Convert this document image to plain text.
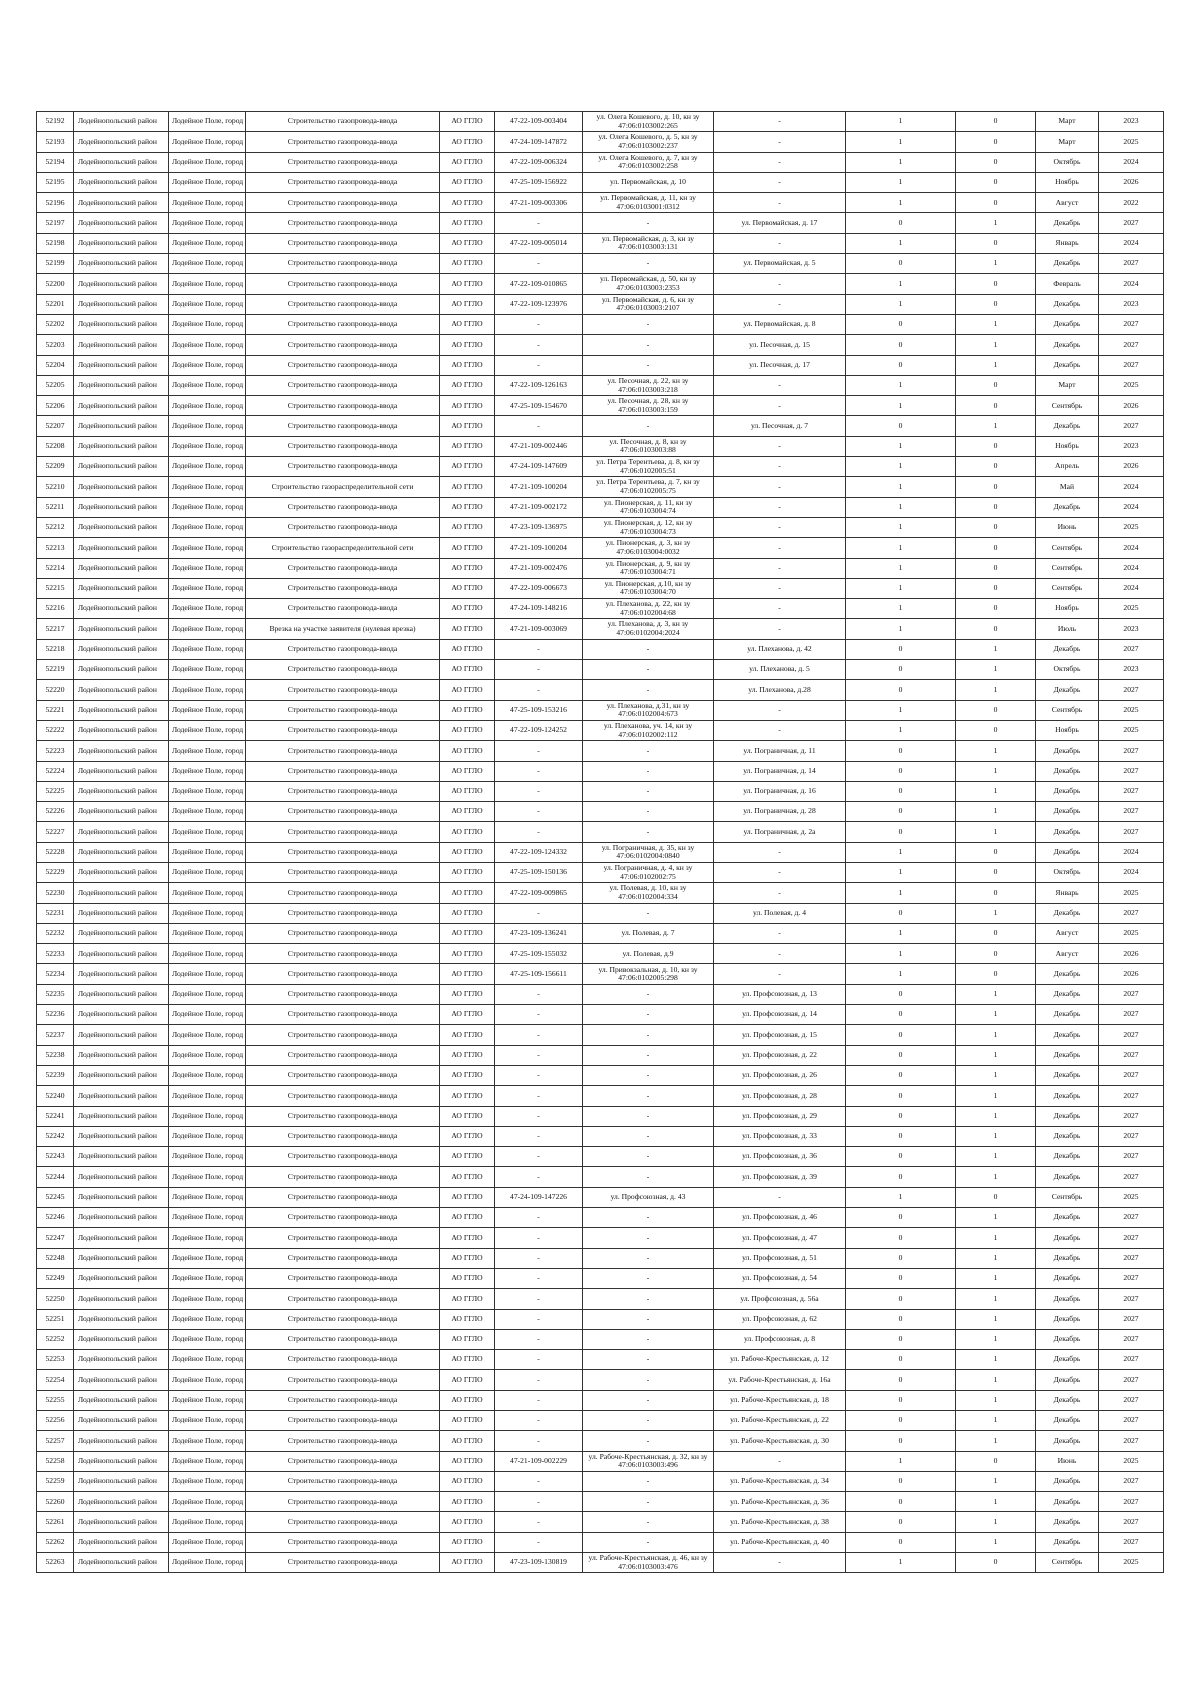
52192	Лодейнопольский район	Лодейное Поле, город	Строительство газопровода-ввода	АО ГГЛО	47-22-109-003404	ул. Олега Кошевого, д. 10, кн зу 47:06:0103002:265	-	1	0	Март	2023
52193	Лодейнопольский район	Лодейное Поле, город	Строительство газопровода-ввода	АО ГГЛО	47-24-109-147872	ул. Олега Кошевого, д. 5, кн зу 47:06:0103002:237	-	1	0	Март	2025
52194	Лодейнопольский район	Лодейное Поле, город	Строительство газопровода-ввода	АО ГГЛО	47-22-109-006324	ул. Олега Кошевого, д. 7, кн зу 47:06:0103002:258	-	1	0	Октябрь	2024
52195	Лодейнопольский район	Лодейное Поле, город	Строительство газопровода-ввода	АО ГГЛО	47-25-109-156922	ул. Первомайская, д. 10	-	1	0	Ноябрь	2026
52196	Лодейнопольский район	Лодейное Поле, город	Строительство газопровода-ввода	АО ГГЛО	47-21-109-003306	ул. Первомайская, д. 11, кн зу 47:06:0103001:0312	-	1	0	Август	2022
52197	Лодейнопольский район	Лодейное Поле, город	Строительство газопровода-ввода	АО ГГЛО	-	-	ул. Первомайская, д. 17	0	1	Декабрь	2027
52198	Лодейнопольский район	Лодейное Поле, город	Строительство газопровода-ввода	АО ГГЛО	47-22-109-005014	ул. Первомайская, д. 3, кн зу 47:06:0103003:131	-	1	0	Январь	2024
52199	Лодейнопольский район	Лодейное Поле, город	Строительство газопровода-ввода	АО ГГЛО	-	-	ул. Первомайская, д. 5	0	1	Декабрь	2027
52200	Лодейнопольский район	Лодейное Поле, город	Строительство газопровода-ввода	АО ГГЛО	47-22-109-010865	ул. Первомайская, д. 50, кн зу 47:06:0103003:2353	-	1	0	Февраль	2024
52201	Лодейнопольский район	Лодейное Поле, город	Строительство газопровода-ввода	АО ГГЛО	47-22-109-123976	ул. Первомайская, д. 6, кн зу 47:06:0103003:2107	-	1	0	Декабрь	2023
52202	Лодейнопольский район	Лодейное Поле, город	Строительство газопровода-ввода	АО ГГЛО	-	-	ул. Первомайская, д. 8	0	1	Декабрь	2027
52203	Лодейнопольский район	Лодейное Поле, город	Строительство газопровода-ввода	АО ГГЛО	-	-	ул. Песочная, д. 15	0	1	Декабрь	2027
52204	Лодейнопольский район	Лодейное Поле, город	Строительство газопровода-ввода	АО ГГЛО	-	-	ул. Песочная, д. 17	0	1	Декабрь	2027
52205	Лодейнопольский район	Лодейное Поле, город	Строительство газопровода-ввода	АО ГГЛО	47-22-109-126163	ул. Песочная, д. 22, кн зу 47:06:0103003:218	-	1	0	Март	2025
52206	Лодейнопольский район	Лодейное Поле, город	Строительство газопровода-ввода	АО ГГЛО	47-25-109-154670	ул. Песочная, д. 28, кн зу 47:06:0103003:159	-	1	0	Сентябрь	2026
52207	Лодейнопольский район	Лодейное Поле, город	Строительство газопровода-ввода	АО ГГЛО	-	-	ул. Песочная, д. 7	0	1	Декабрь	2027
52208	Лодейнопольский район	Лодейное Поле, город	Строительство газопровода-ввода	АО ГГЛО	47-21-109-002446	ул. Песочная, д. 8, кн зу 47:06:0103003:88	-	1	0	Ноябрь	2023
52209	Лодейнопольский район	Лодейное Поле, город	Строительство газопровода-ввода	АО ГГЛО	47-24-109-147609	ул. Петра Терентьева, д. 8, кн зу 47:06:0102005:51	-	1	0	Апрель	2026
52210	Лодейнопольский район	Лодейное Поле, город	Строительство газораспределительной сети	АО ГГЛО	47-21-109-100204	ул. Петра Терентьева, д. 7, кн зу 47:06:0102005:75	-	1	0	Май	2024
52211	Лодейнопольский район	Лодейное Поле, город	Строительство газопровода-ввода	АО ГГЛО	47-21-109-002172	ул. Пионерская, д. 11, кн зу 47:06:0103004:74	-	1	0	Декабрь	2024
52212	Лодейнопольский район	Лодейное Поле, город	Строительство газопровода-ввода	АО ГГЛО	47-23-109-136975	ул. Пионерская, д. 12, кн зу 47:06:0103004:73	-	1	0	Июнь	2025
52213	Лодейнопольский район	Лодейное Поле, город	Строительство газораспределительной сети	АО ГГЛО	47-21-109-100204	ул. Пионерская, д. 3, кн зу 47:06:0103004:0032	-	1	0	Сентябрь	2024
52214	Лодейнопольский район	Лодейное Поле, город	Строительство газопровода-ввода	АО ГГЛО	47-21-109-002476	ул. Пионерская, д. 9, кн зу 47:06:0103004:71	-	1	0	Сентябрь	2024
52215	Лодейнопольский район	Лодейное Поле, город	Строительство газопровода-ввода	АО ГГЛО	47-22-109-006673	ул. Пионерская, д.10, кн зу 47:06:0103004:70	-	1	0	Сентябрь	2024
52216	Лодейнопольский район	Лодейное Поле, город	Строительство газопровода-ввода	АО ГГЛО	47-24-109-148216	ул. Плеханова, д. 22, кн зу 47:06:0102004:68	-	1	0	Ноябрь	2025
52217	Лодейнопольский район	Лодейное Поле, город	Врезка на участке заявителя (нулевая врезка)	АО ГГЛО	47-21-109-003069	ул. Плеханова, д. 3, кн зу 47:06:0102004:2024	-	1	0	Июль	2023
52218	Лодейнопольский район	Лодейное Поле, город	Строительство газопровода-ввода	АО ГГЛО	-	-	ул. Плеханова, д. 42	0	1	Декабрь	2027
52219	Лодейнопольский район	Лодейное Поле, город	Строительство газопровода-ввода	АО ГГЛО	-	-	ул. Плеханова, д. 5	0	1	Октябрь	2023
52220	Лодейнопольский район	Лодейное Поле, город	Строительство газопровода-ввода	АО ГГЛО	-	-	ул. Плеханова, д.28	0	1	Декабрь	2027
52221	Лодейнопольский район	Лодейное Поле, город	Строительство газопровода-ввода	АО ГГЛО	47-25-109-153216	ул. Плеханова, д.31, кн зу 47:06:0102004:673	-	1	0	Сентябрь	2025
52222	Лодейнопольский район	Лодейное Поле, город	Строительство газопровода-ввода	АО ГГЛО	47-22-109-124252	ул. Плеханова, уч. 14, кн зу 47:06:0102002:112	-	1	0	Ноябрь	2025
52223	Лодейнопольский район	Лодейное Поле, город	Строительство газопровода-ввода	АО ГГЛО	-	-	ул. Пограничная, д. 11	0	1	Декабрь	2027
52224	Лодейнопольский район	Лодейное Поле, город	Строительство газопровода-ввода	АО ГГЛО	-	-	ул. Пограничная, д. 14	0	1	Декабрь	2027
52225	Лодейнопольский район	Лодейное Поле, город	Строительство газопровода-ввода	АО ГГЛО	-	-	ул. Пограничная, д. 16	0	1	Декабрь	2027
52226	Лодейнопольский район	Лодейное Поле, город	Строительство газопровода-ввода	АО ГГЛО	-	-	ул. Пограничная, д. 28	0	1	Декабрь	2027
52227	Лодейнопольский район	Лодейное Поле, город	Строительство газопровода-ввода	АО ГГЛО	-	-	ул. Пограничная, д. 2а	0	1	Декабрь	2027
52228	Лодейнопольский район	Лодейное Поле, город	Строительство газопровода-ввода	АО ГГЛО	47-22-109-124332	ул. Пограничная, д. 35, кн зу 47:06:0102004:0840	-	1	0	Декабрь	2024
52229	Лодейнопольский район	Лодейное Поле, город	Строительство газопровода-ввода	АО ГГЛО	47-25-109-150136	ул. Пограничная, д. 4, кн зу 47:06:0102002:75	-	1	0	Октябрь	2024
52230	Лодейнопольский район	Лодейное Поле, город	Строительство газопровода-ввода	АО ГГЛО	47-22-109-009865	ул. Полевая, д. 10, кн зу 47:06:0102004:334	-	1	0	Январь	2025
52231	Лодейнопольский район	Лодейное Поле, город	Строительство газопровода-ввода	АО ГГЛО	-	-	ул. Полевая, д. 4	0	1	Декабрь	2027
52232	Лодейнопольский район	Лодейное Поле, город	Строительство газопровода-ввода	АО ГГЛО	47-23-109-136241	ул. Полевая, д. 7	-	1	0	Август	2025
52233	Лодейнопольский район	Лодейное Поле, город	Строительство газопровода-ввода	АО ГГЛО	47-25-109-155032	ул. Полевая, д.9	-	1	0	Август	2026
52234	Лодейнопольский район	Лодейное Поле, город	Строительство газопровода-ввода	АО ГГЛО	47-25-109-156611	ул. Привокзальная, д. 10, кн зу 47:06:0102005:298	-	1	0	Декабрь	2026
52235	Лодейнопольский район	Лодейное Поле, город	Строительство газопровода-ввода	АО ГГЛО	-	-	ул. Профсоюзная, д. 13	0	1	Декабрь	2027
52236	Лодейнопольский район	Лодейное Поле, город	Строительство газопровода-ввода	АО ГГЛО	-	-	ул. Профсоюзная, д. 14	0	1	Декабрь	2027
52237	Лодейнопольский район	Лодейное Поле, город	Строительство газопровода-ввода	АО ГГЛО	-	-	ул. Профсоюзная, д. 15	0	1	Декабрь	2027
52238	Лодейнопольский район	Лодейное Поле, город	Строительство газопровода-ввода	АО ГГЛО	-	-	ул. Профсоюзная, д. 22	0	1	Декабрь	2027
52239	Лодейнопольский район	Лодейное Поле, город	Строительство газопровода-ввода	АО ГГЛО	-	-	ул. Профсоюзная, д. 26	0	1	Декабрь	2027
52240	Лодейнопольский район	Лодейное Поле, город	Строительство газопровода-ввода	АО ГГЛО	-	-	ул. Профсоюзная, д. 28	0	1	Декабрь	2027
52241	Лодейнопольский район	Лодейное Поле, город	Строительство газопровода-ввода	АО ГГЛО	-	-	ул. Профсоюзная, д. 29	0	1	Декабрь	2027
52242	Лодейнопольский район	Лодейное Поле, город	Строительство газопровода-ввода	АО ГГЛО	-	-	ул. Профсоюзная, д. 33	0	1	Декабрь	2027
52243	Лодейнопольский район	Лодейное Поле, город	Строительство газопровода-ввода	АО ГГЛО	-	-	ул. Профсоюзная, д. 36	0	1	Декабрь	2027
52244	Лодейнопольский район	Лодейное Поле, город	Строительство газопровода-ввода	АО ГГЛО	-	-	ул. Профсоюзная, д. 39	0	1	Декабрь	2027
52245	Лодейнопольский район	Лодейное Поле, город	Строительство газопровода-ввода	АО ГГЛО	47-24-109-147226	ул. Профсоюзная, д. 43	-	1	0	Сентябрь	2025
52246	Лодейнопольский район	Лодейное Поле, город	Строительство газопровода-ввода	АО ГГЛО	-	-	ул. Профсоюзная, д. 46	0	1	Декабрь	2027
52247	Лодейнопольский район	Лодейное Поле, город	Строительство газопровода-ввода	АО ГГЛО	-	-	ул. Профсоюзная, д. 47	0	1	Декабрь	2027
52248	Лодейнопольский район	Лодейное Поле, город	Строительство газопровода-ввода	АО ГГЛО	-	-	ул. Профсоюзная, д. 51	0	1	Декабрь	2027
52249	Лодейнопольский район	Лодейное Поле, город	Строительство газопровода-ввода	АО ГГЛО	-	-	ул. Профсоюзная, д. 54	0	1	Декабрь	2027
52250	Лодейнопольский район	Лодейное Поле, город	Строительство газопровода-ввода	АО ГГЛО	-	-	ул. Профсоюзная, д. 56а	0	1	Декабрь	2027
52251	Лодейнопольский район	Лодейное Поле, город	Строительство газопровода-ввода	АО ГГЛО	-	-	ул. Профсоюзная, д. 62	0	1	Декабрь	2027
52252	Лодейнопольский район	Лодейное Поле, город	Строительство газопровода-ввода	АО ГГЛО	-	-	ул. Профсоюзная, д. 8	0	1	Декабрь	2027
52253	Лодейнопольский район	Лодейное Поле, город	Строительство газопровода-ввода	АО ГГЛО	-	-	ул. Рабоче-Крестьянская, д. 12	0	1	Декабрь	2027
52254	Лодейнопольский район	Лодейное Поле, город	Строительство газопровода-ввода	АО ГГЛО	-	-	ул. Рабоче-Крестьянская, д. 16а	0	1	Декабрь	2027
52255	Лодейнопольский район	Лодейное Поле, город	Строительство газопровода-ввода	АО ГГЛО	-	-	ул. Рабоче-Крестьянская, д. 18	0	1	Декабрь	2027
52256	Лодейнопольский район	Лодейное Поле, город	Строительство газопровода-ввода	АО ГГЛО	-	-	ул. Рабоче-Крестьянская, д. 22	0	1	Декабрь	2027
52257	Лодейнопольский район	Лодейное Поле, город	Строительство газопровода-ввода	АО ГГЛО	-	-	ул. Рабоче-Крестьянская, д. 30	0	1	Декабрь	2027
52258	Лодейнопольский район	Лодейное Поле, город	Строительство газопровода-ввода	АО ГГЛО	47-21-109-002229	ул. Рабоче-Крестьянская, д. 32, кн зу 47:06:0103003:496	-	1	0	Июнь	2025
52259	Лодейнопольский район	Лодейное Поле, город	Строительство газопровода-ввода	АО ГГЛО	-	-	ул. Рабоче-Крестьянская, д. 34	0	1	Декабрь	2027
52260	Лодейнопольский район	Лодейное Поле, город	Строительство газопровода-ввода	АО ГГЛО	-	-	ул. Рабоче-Крестьянская, д. 36	0	1	Декабрь	2027
52261	Лодейнопольский район	Лодейное Поле, город	Строительство газопровода-ввода	АО ГГЛО	-	-	ул. Рабоче-Крестьянская, д. 38	0	1	Декабрь	2027
52262	Лодейнопольский район	Лодейное Поле, город	Строительство газопровода-ввода	АО ГГЛО	-	-	ул. Рабоче-Крестьянская, д. 40	0	1	Декабрь	2027
52263	Лодейнопольский район	Лодейное Поле, город	Строительство газопровода-ввода	АО ГГЛО	47-23-109-130819	ул. Рабоче-Крестьянская, д. 46, кн зу 47:06:0103003:476	-	1	0	Сентябрь	2025
